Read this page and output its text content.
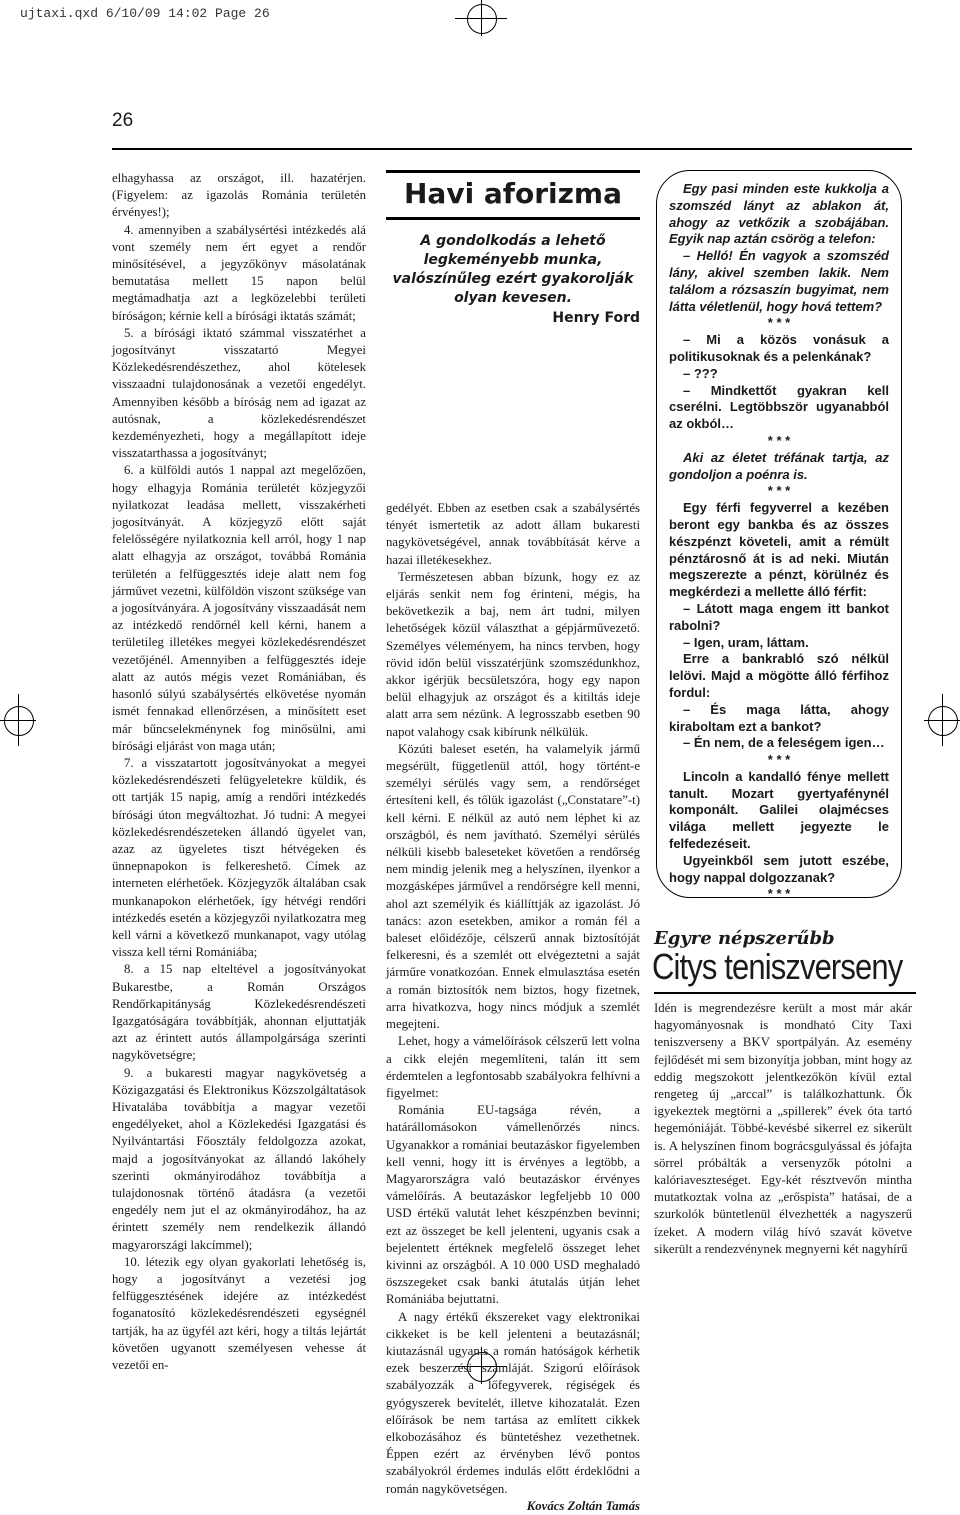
ujtaxi.qxd 6/10/09 14:02 Page 26
26

elhagyhassa az országot, ill. hazatérjen. (Figyelem: az igazolás Románia területén érvényes!);

4. amennyiben a szabálysértési intézkedés alá vont személy nem ért egyet a rendőr minősítésével, a jegyzőkönyv másolatának bemutatása mellett 15 napon belül megtámadhatja azt a legközelebbi területi bíróságon; kérnie kell a bírósági iktatás számát;

5. a bírósági iktató számmal visszatérhet a jogosítványt visszatartó Megyei Közlekedésrendészethez, ahol kötelesek visszaadni tulajdonosának a vezetői engedélyt. Amennyiben később a bíróság nem ad igazat az autósnak, a közlekedésrendészet kezdeményezheti, hogy a megállapított ideje visszatarthassa a jogosítványt;

6. a külföldi autós 1 nappal azt megelőzően, hogy elhagyja Románia területét közjegyzői nyilatkozat leadása mellett, visszakérheti jogosítványát. A közjegyző előtt saját felelősségére nyilatkoznia kell arról, hogy 1 nap alatt elhagyja az országot, továbbá Románia területén a felfüggesztés ideje alatt nem fog járművet vezetni, külföldön viszont szüksége van a jogosítványára. A jogosítvány visszaadását nem az intézkedő rendőrnél kell kérni, hanem a területileg illetékes megyei közlekedésrendészet vezetőjénél. Amennyiben a felfüggesztés ideje alatt az autós mégis vezet Romániában, és hasonló súlyú szabálysértés elkövetése nyomán ismét fennakad ellenőrzésen, a minősített eset már bűncselekménynek fog minősülni, ami bírósági eljárást von maga után;

7. a visszatartott jogosítványokat a megyei közlekedésrendészeti felügyeletekre küldik, és ott tartják 15 napig, amíg a rendőri intézkedés bírósági úton megváltozhat. Jó tudni: A megyei közlekedésrendészeteken állandó ügyelet van, azaz az ügyeletes tiszt hétvégeken és ünnepnapokon is felkereshető. Címek az interneten elérhetőek. Közjegyzők általában csak munkanapokon elérhetőek, így hétvégi rendőri intézkedés esetén a közjegyzői nyilatkozatra meg kell várni a következő munkanapot, vagy utólag vissza kell térni Romániába;

8. a 15 nap elteltével a jogosítványokat Bukarestbe, a Román Országos Rendőrkapitányság Közlekedésrendészeti Igazgatóságára továbbítják, ahonnan eljuttatják azt az érintett autós állampolgársága szerinti nagykövetségre;

9. a bukaresti magyar nagykövetség a Közigazgatási és Elektronikus Közszolgáltatások Hivatalába továbbítja a magyar vezetői engedélyeket, ahol a Közlekedési Igazgatási és Nyilvántartási Főosztály feldolgozza azokat, majd a jogosítványokat az állandó lakóhely szerinti okmányirodához továbbítja a tulajdonosnak történő átadásra (a vezetői engedély nem jut el az okmányirodához, ha az érintett személy nem rendelkezik állandó magyarországi lakcímmel);

10. létezik egy olyan gyakorlati lehetőség is, hogy a jogosítványt a vezetési jog felfüggesztésének idejére az intézkedést foganatosító közlekedésrendészeti egységnél tartják, ha az ügyfél azt kéri, hogy a tiltás lejártát követően ugyanott személyesen vehesse át vezetői en-

Havi aforizma

A gondolkodás a lehető legkeményebb munka, valószínűleg ezért gyakorolják olyan kevesen.

Henry Ford

gedélyét. Ebben az esetben csak a szabálysértés tényét ismertetik az adott állam bukaresti nagykövetségével, annak továbbítását kérve a hazai illetékesekhez.

Természetesen abban bízunk, hogy ez az eljárás senkit nem fog érinteni, mégis, ha bekövetkezik a baj, nem árt tudni, milyen lehetőségek közül választhat a gépjárművezető. Személyes véleményem, ha nincs tervben, hogy rövid időn belül visszatérjünk szomszédunkhoz, akkor igérjük becsületszóra, hogy egy napon belül elhagyjuk az országot és a kitiltás ideje alatt arra sem nézünk. A legrosszabb esetben 90 napot valahogy csak kibírunk nélkülük.

Közúti baleset esetén, ha valamelyik jármű megsérült, függetlenül attól, hogy történt-e személyi sérülés vagy sem, a rendőrséget értesíteni kell, és tőlük igazolást („Constatare”-t) kell kérni. E nélkül az autó nem léphet ki az országból, és nem javítható. Személyi sérülés nélküli kisebb baleseteket követően a rendőrség nem mindig jelenik meg a helyszínen, ilyenkor a mozgásképes járművel a rendőrségre kell menni, ahol azt személyik és kiállíttják az igazolást. Jó tanács: azon esetekben, amikor a román fél a baleset előidézője, célszerű annak biztosítóját felkeresni, és a szemlét ott elvégeztetni a saját járműre vonatkozóan. Ennek elmulasztása esetén a román biztosítók nem biztos, hogy fizetnek, arra hivatkozva, hogy nincs módjuk a szemlét megejteni.

Lehet, hogy a vámelőírások célszerű lett volna a cikk elején megemlíteni, talán itt sem érdemtelen a legfontosabb szabályokra felhívni a figyelmet:

Románia EU-tagsága révén, a határállomásokon vámellenőrzés nincs. Ugyanakkor a romániai beutazáskor figyelemben kell venni, hogy itt is érvényes a legtöbb, a Magyarországra való beutazáskor érvényes vámelőírás. A beutazáskor legfeljebb 10 000 USD értékű valutát lehet készpénzben bevinni; ezt az összeget be kell jelenteni, ugyanis csak a bejelentett értéknek megfelelő összeget lehet kivinni az országból. A 10 000 USD meghaladó öszszegeket csak banki átutalás útján lehet Romániába bejuttatni.

A nagy értékű ékszereket vagy elektronikai cikkeket is be kell jelenteni a beutazásnál; kiutazásnál ugyanis a román hatóságok kérhetik ezek beszerzési számláját. Szigorú előírások szabályozzák a lőfegyverek, régiségek és gyógyszerek bevitelét, illetve kihozatalát. Ezen előírások be nem tartása az említett cikkek elkobozásához és büntetéshez vezethetnek. Éppen ezért az érvényben lévő pontos szabályokról érdemes indulás előtt érdeklődni a román nagykövetségen.

Kovács Zoltán Tamás

Egy pasi minden este kukkolja a szomszéd lányt az ablakon át, ahogy az vetkőzik a szobájában. Egyik nap aztán csörög a telefon:

– Helló! Én vagyok a szomszéd lány, akivel szemben lakik. Nem találom a rózsaszín bugyimat, nem látta véletlenül, hogy hová tettem?

* * *

– Mi a közös vonásuk a politikusoknak és a pelenkának?

– ???

– Mindkettőt gyakran kell cserélni. Legtöbbször ugyanabból az okból…

* * *

Aki az életet tréfának tartja, az gondoljon a poénra is.

* * *

Egy férfi fegyverrel a kezében beront egy bankba és az összes készpénzt követeli, amit a rémült pénztárosnő át is ad neki. Miután megszerezte a pénzt, körülnéz és megkérdezi a mellette álló férfit:

– Látott maga engem itt bankot rabolni?

– Igen, uram, láttam.

Erre a bankrabló szó nélkül lelövi. Majd a mögötte álló férfihoz fordul:

– És maga látta, ahogy kiraboltam ezt a bankot?

– Én nem, de a feleségem igen…

* * *

Lincoln a kandalló fénye mellett tanult. Mozart gyertyafénynél komponált. Galilei olajmécses világa mellett jegyezte le felfedezéseit.

Ugyeinkből sem jutott eszébe, hogy nappal dolgozzanak?

* * *

Egyre népszerűbb
Citys teniszverseny

Idén is megrendezésre került a most már akár hagyományosnak is mondható City Taxi teniszverseny a BKV sportpályán. Az esemény fejlődését mi sem bizonyítja jobban, mint hogy az eddig megszokott jelentkezőkön kívül eztal rengeteg új „arccal” is találkozhattunk. Ők igyekeztek megtörni a „spillerek” évek óta tartó hegemóniáját. Többé-kevésbé sikerrel ez sikerült is. A helyszínen finom bográcsgulyással és jófajta sörrel próbálták a versenyzők pótolni a kalóriaveszteséget. Egy-két résztvevőn mintha mutatkoztak volna az „erőspista” hatásai, de a szurkolók büntetlenül élvezhették a nagyszerű ízeket. A modern világ hívó szavát követve sikerült a rendezvénynek megnyerni két nagyhírű
